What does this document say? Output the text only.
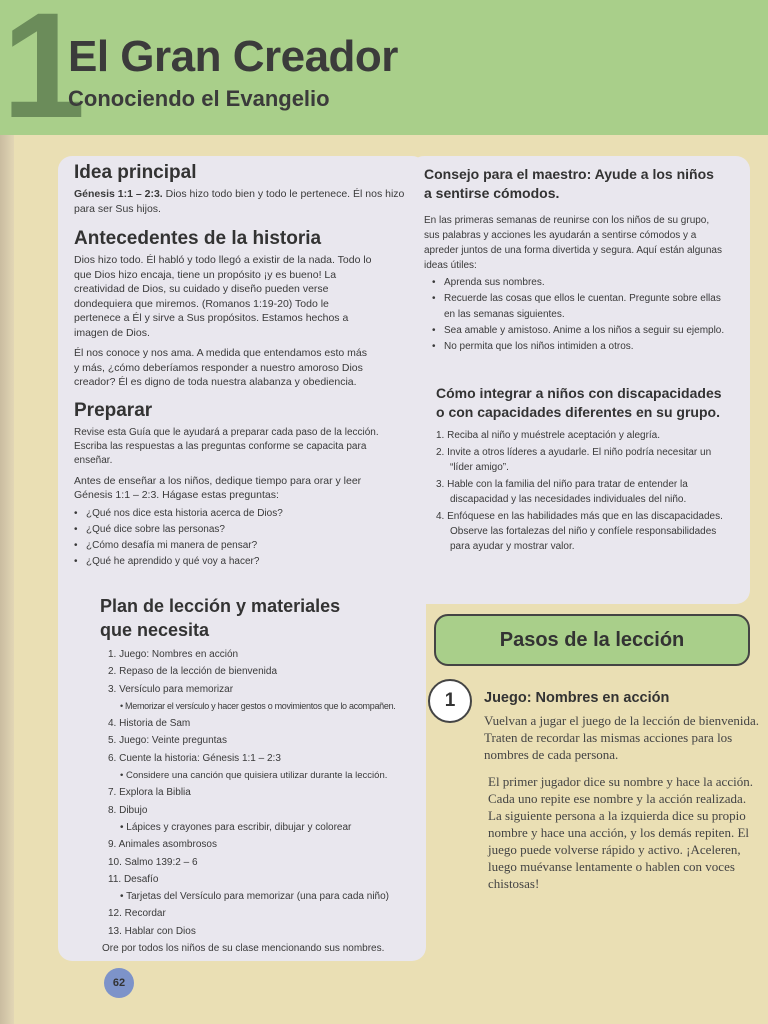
1
El Gran Creador
Conociendo el Evangelio

Idea principal

Génesis 1:1 – 2:3. Dios hizo todo bien y todo le pertenece. Él nos hizo para ser Sus hijos.

Antecedentes de la historia

Dios hizo todo. Él habló y todo llegó a existir de la nada. Todo lo que Dios hizo encaja, tiene un propósito ¡y es bueno! La creatividad de Dios, su cuidado y diseño pueden verse dondequiera que miremos. (Romanos 1:19-20) Todo le pertenece a Él y sirve a Sus propósitos. Estamos hechos a imagen de Dios.

Él nos conoce y nos ama. A medida que entendamos esto más y más, ¿cómo deberíamos responder a nuestro amoroso Dios creador? Él es digno de toda nuestra alabanza y obediencia.

Preparar

Revise esta Guía que le ayudará a preparar cada paso de la lección. Escriba las respuestas a las preguntas conforme se capacita para enseñar.

Antes de enseñar a los niños, dedique tiempo para orar y leer Génesis 1:1 – 2:3. Hágase estas preguntas:

• ¿Qué nos dice esta historia acerca de Dios?
• ¿Qué dice sobre las personas?
• ¿Cómo desafía mi manera de pensar?
• ¿Qué he aprendido y qué voy a hacer?

Plan de lección y materiales

que necesita

1. Juego: Nombres en acción
2. Repaso de la lección de bienvenida
3. Versículo para memorizar
• Memorizar el versículo y hacer gestos o movimientos que lo acompañen.
4. Historia de Sam
5. Juego: Veinte preguntas
6. Cuente la historia: Génesis 1:1 – 2:3
• Considere una canción que quisiera utilizar durante la lección.
7. Explora la Biblia
8. Dibujo
• Lápices y crayones para escribir, dibujar y colorear
9. Animales asombrosos
10. Salmo 139:2 – 6
11. Desafío
• Tarjetas del Versículo para memorizar (una para cada niño)
12. Recordar
13. Hablar con Dios
Ore por todos los niños de su clase mencionando sus nombres.

Consejo para el maestro: Ayude a los niños

a sentirse cómodos.

En las primeras semanas de reunirse con los niños de su grupo, sus palabras y acciones les ayudarán a sentirse cómodos y a apreder juntos de una forma divertida y segura. Aquí están algunas ideas útiles:

• Aprenda sus nombres.
• Recuerde las cosas que ellos le cuentan. Pregunte sobre ellas en las semanas siguientes.
• Sea amable y amistoso. Anime a los niños a seguir su ejemplo.
• No permita que los niños intimiden a otros.

Cómo integrar a niños con discapacidades

o con capacidades diferentes en su grupo.

1. Reciba al niño y muéstrele aceptación y alegría.

2. Invite a otros líderes a ayudarle. El niño podría necesitar un “líder amigo”.

3. Hable con la familia del niño para tratar de entender la discapacidad y las necesidades individuales del niño.

4. Enfóquese en las habilidades más que en las discapacidades. Observe las fortalezas del niño y confíele responsabilidades para ayudar y mostrar valor.

Pasos de la lección
1 Juego: Nombres en acción

Vuelvan a jugar el juego de la lección de bienvenida. Traten de recordar las mismas acciones para los nombres de cada persona.

El primer jugador dice su nombre y hace la acción. Cada uno repite ese nombre y la acción realizada. La siguiente persona a la izquierda dice su propio nombre y hace una acción, y los demás repiten. El juego puede volverse rápido y activo. ¡Aceleren, luego muévanse lentamente o hablen con voces chistosas!

62
